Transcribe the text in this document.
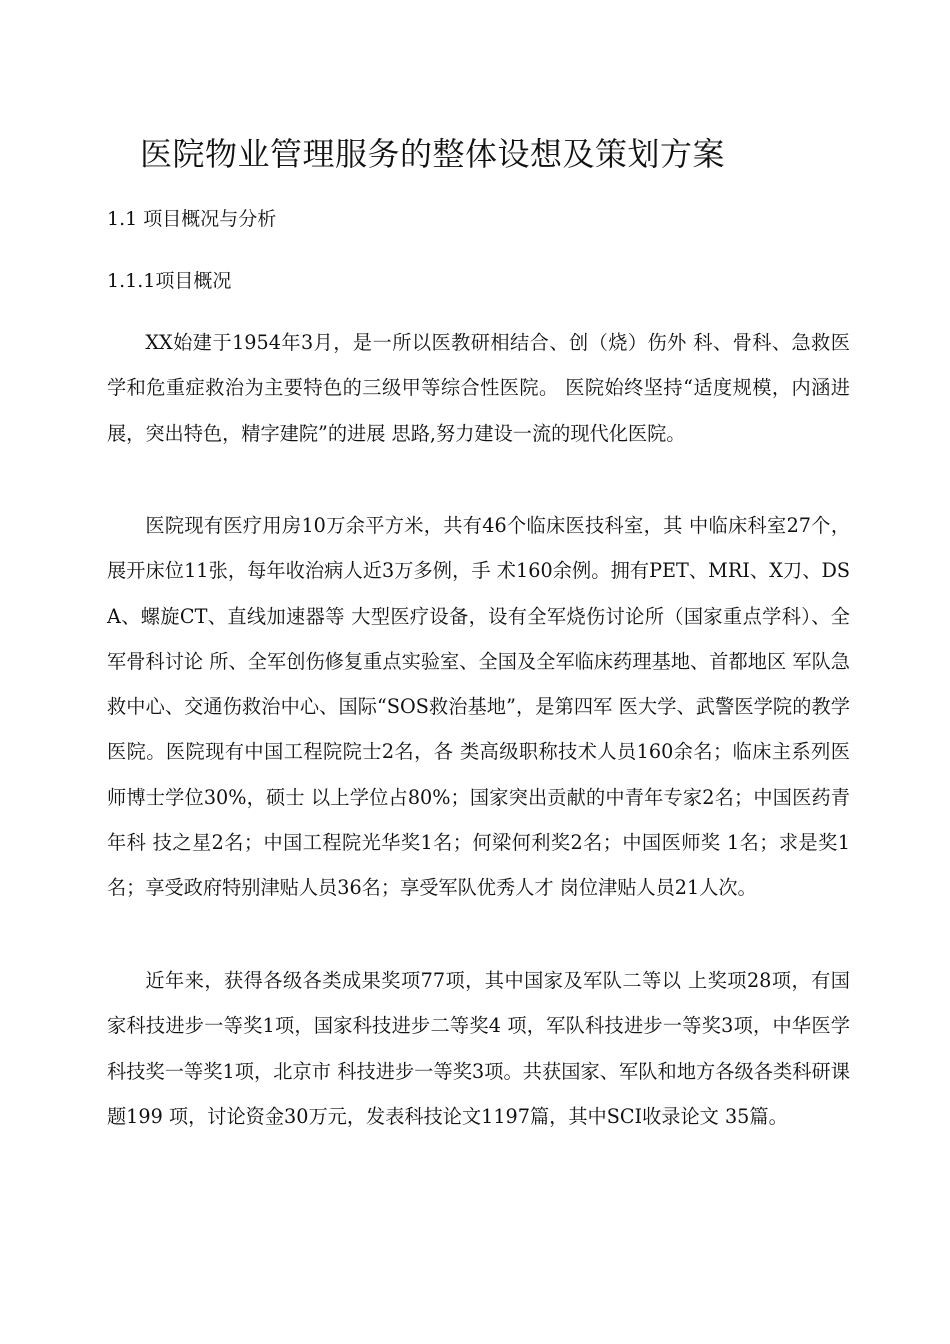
医院物业管理服务的整体设想及策划方案
1.1 项目概况与分析
1.1.1项目概况

XX始建于1954年3月，是一所以医教研相结合、创（烧）伤外 科、骨科、急救医学和危重症救治为主要特色的三级甲等综合性医院。 医院始终坚持“适度规模，内涵进展，突出特色，精字建院”的进展 思路,努力建设一流的现代化医院。

医院现有医疗用房10万余平方米，共有46个临床医技科室，其 中临床科室27个，展开床位11张，每年收治病人近3万多例，手 术160余例。拥有PET、MRI、X刀、DSA、螺旋CT、直线加速器等 大型医疗设备，设有全军烧伤讨论所（国家重点学科）、全军骨科讨论 所、全军创伤修复重点实验室、全国及全军临床药理基地、首都地区 军队急救中心、交通伤救治中心、国际“SOS救治基地”，是第四军 医大学、武警医学院的教学医院。医院现有中国工程院院士2名，各 类高级职称技术人员160余名；临床主系列医师博士学位30%，硕士 以上学位占80%；国家突出贡献的中青年专家2名；中国医药青年科 技之星2名；中国工程院光华奖1名；何梁何利奖2名；中国医师奖 1名；求是奖1名；享受政府特别津贴人员36名；享受军队优秀人才 岗位津贴人员21人次。

近年来，获得各级各类成果奖项77项，其中国家及军队二等以 上奖项28项，有国家科技进步一等奖1项，国家科技进步二等奖4 项，军队科技进步一等奖3项，中华医学科技奖一等奖1项，北京市 科技进步一等奖3项。共获国家、军队和地方各级各类科研课题199 项，讨论资金30万元，发表科技论文1197篇，其中SCI收录论文 35篇。
